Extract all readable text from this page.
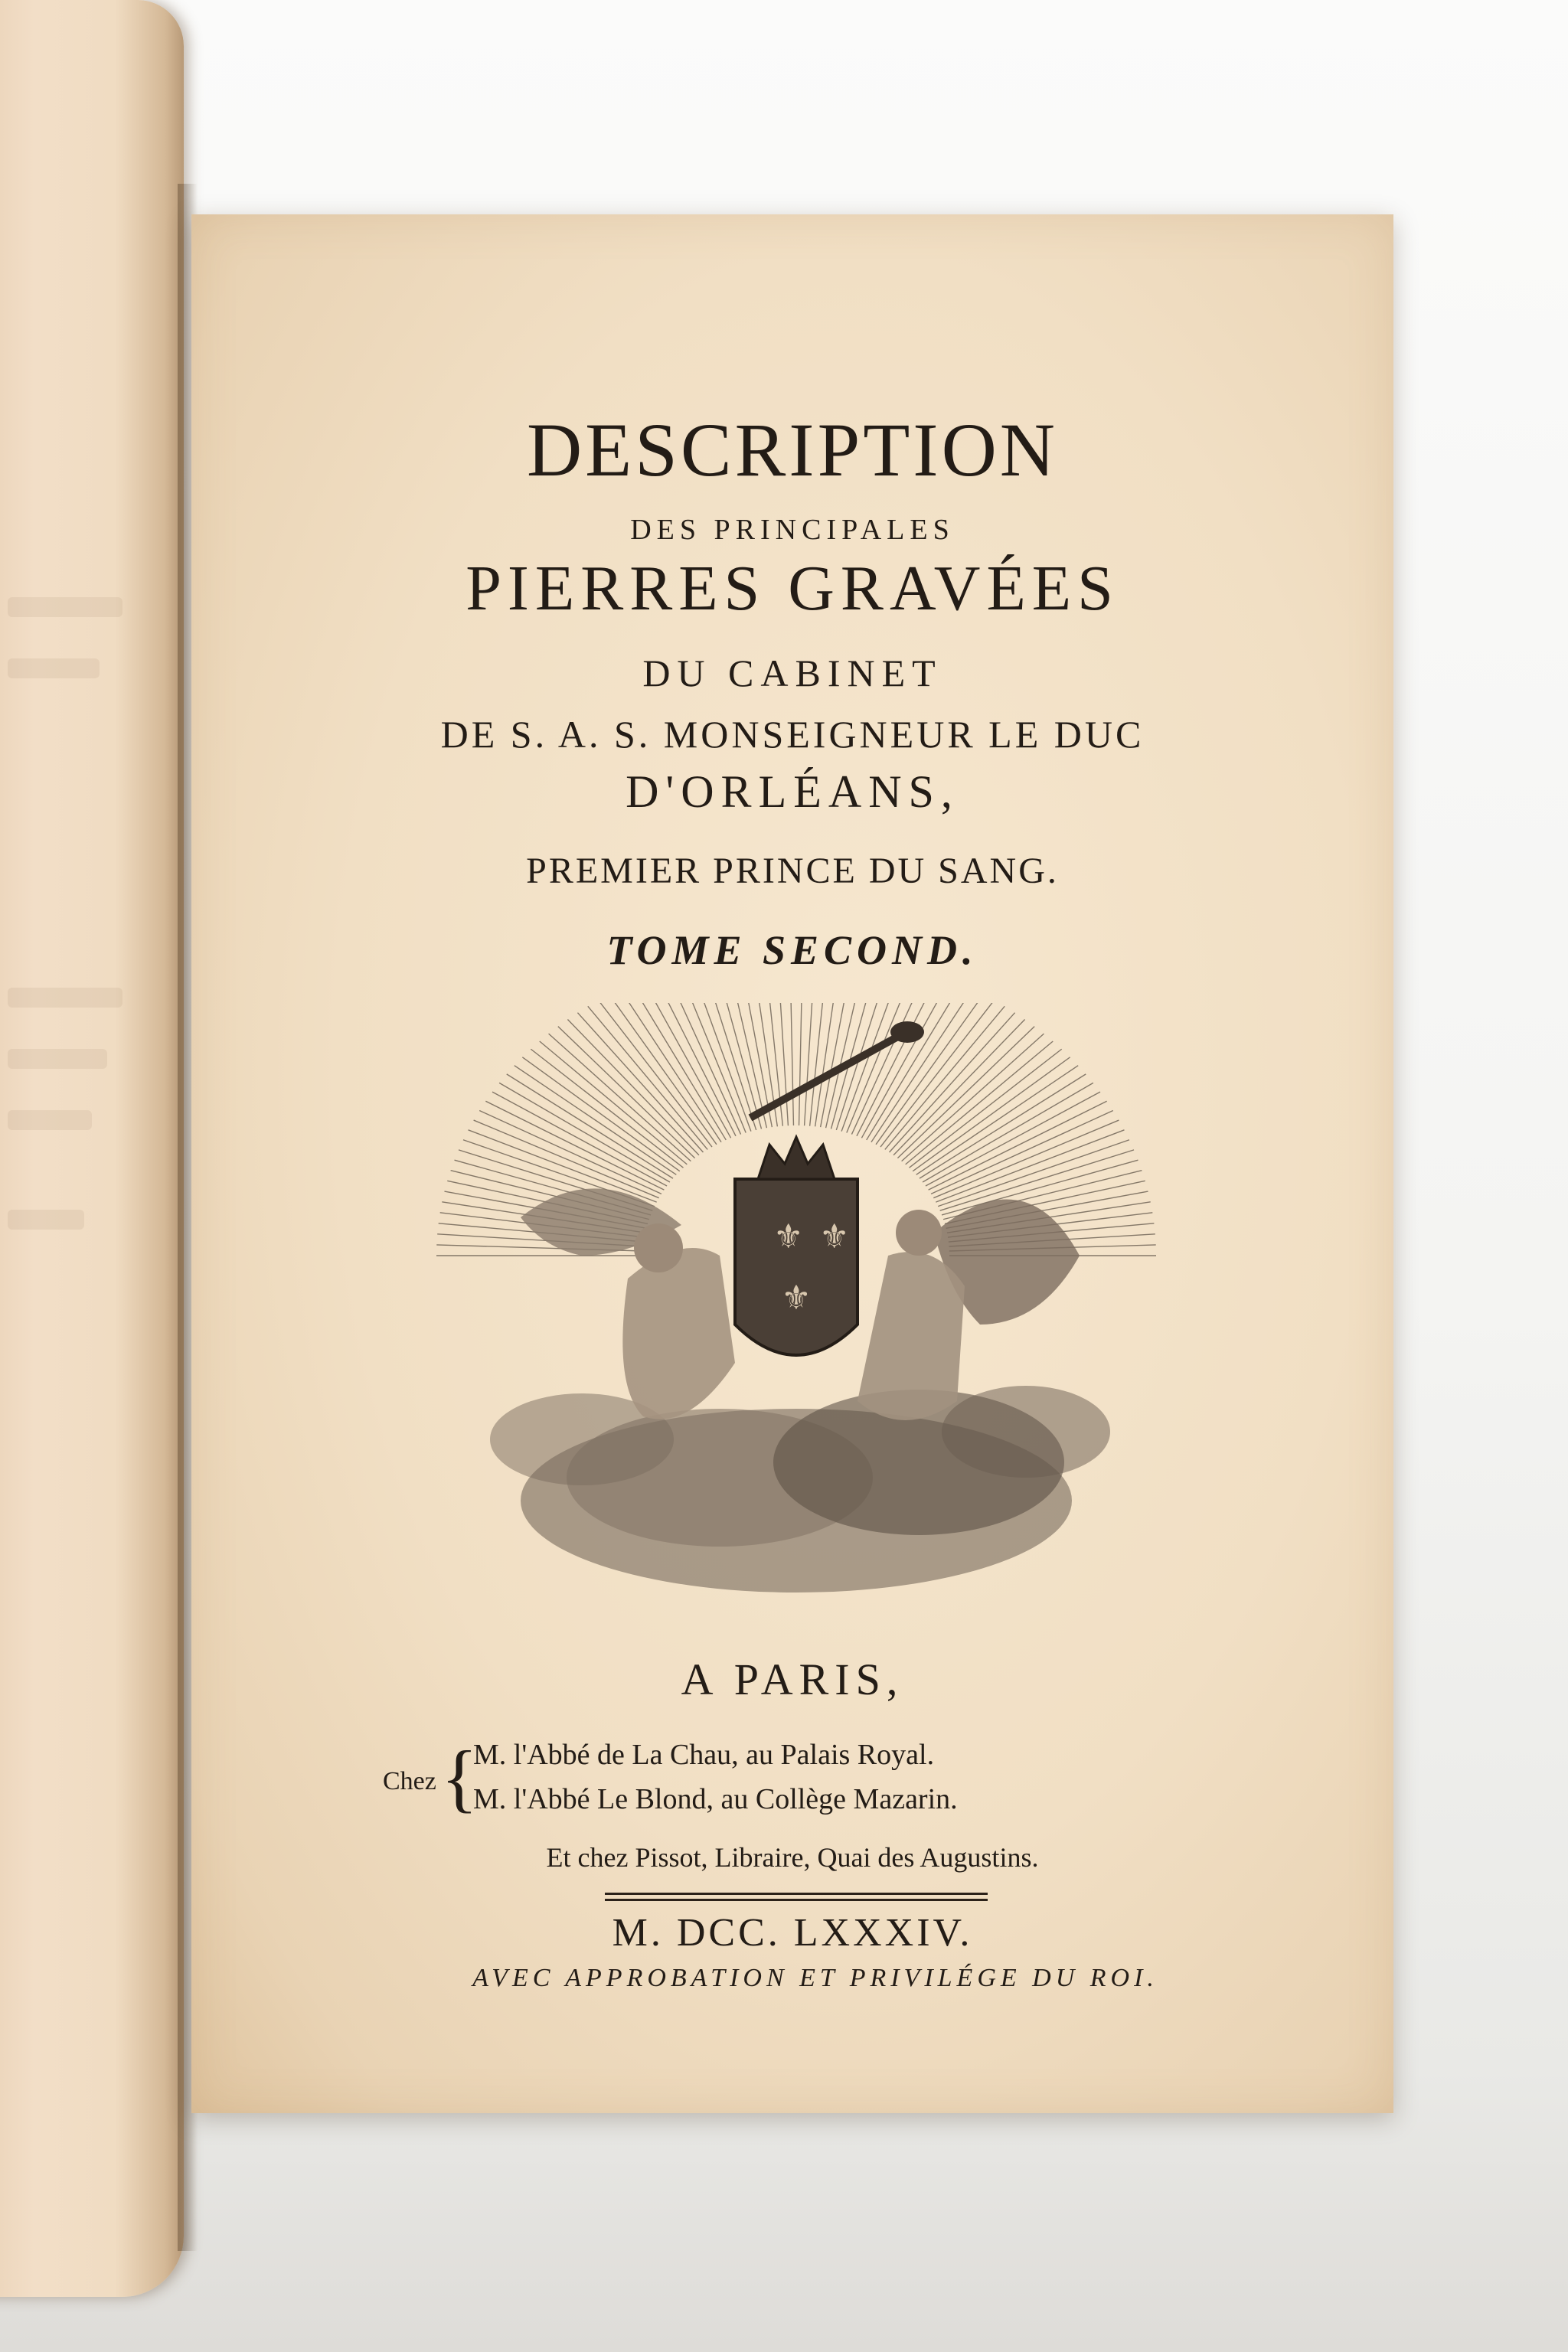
DESCRIPTION
DES PRINCIPALES
PIERRES GRAVÉES
DU CABINET
DE S. A. S. MONSEIGNEUR LE DUC
D'ORLÉANS,
PREMIER PRINCE DU SANG.
TOME SECOND.
⚜ ⚜
⚜
A PARIS,
Chez {
M. l'Abbé de La Chau, au Palais Royal.
M. l'Abbé Le Blond, au Collège Mazarin.
Et chez Pissot, Libraire, Quai des Augustins.
M. DCC. LXXXIV.
AVEC APPROBATION ET PRIVILÉGE DU ROI.
